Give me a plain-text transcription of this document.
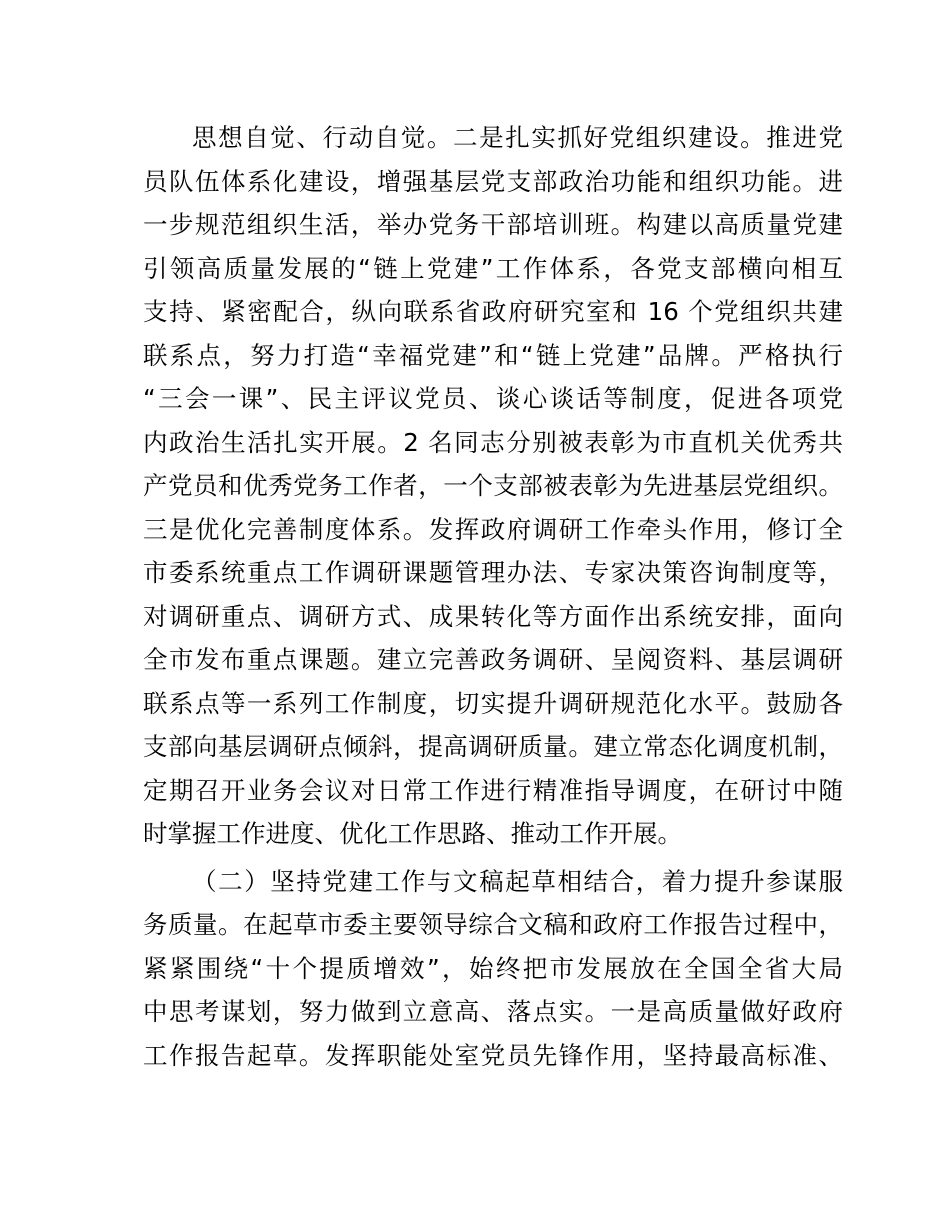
思想自觉、行动自觉。二是扎实抓好党组织建设。推进党
员队伍体系化建设，增强基层党支部政治功能和组织功能。进
一步规范组织生活，举办党务干部培训班。构建以高质量党建
引领高质量发展的“链上党建”工作体系，各党支部横向相互
支持、紧密配合，纵向联系省政府研究室和 16 个党组织共建
联系点，努力打造“幸福党建”和“链上党建”品牌。严格执行
“三会一课”、民主评议党员、谈心谈话等制度，促进各项党
内政治生活扎实开展。2 名同志分别被表彰为市直机关优秀共
产党员和优秀党务工作者，一个支部被表彰为先进基层党组织。
三是优化完善制度体系。发挥政府调研工作牵头作用，修订全
市委系统重点工作调研课题管理办法、专家决策咨询制度等，
对调研重点、调研方式、成果转化等方面作出系统安排，面向
全市发布重点课题。建立完善政务调研、呈阅资料、基层调研
联系点等一系列工作制度，切实提升调研规范化水平。鼓励各
支部向基层调研点倾斜，提高调研质量。建立常态化调度机制，
定期召开业务会议对日常工作进行精准指导调度，在研讨中随
时掌握工作进度、优化工作思路、推动工作开展。
（二）坚持党建工作与文稿起草相结合，着力提升参谋服
务质量。在起草市委主要领导综合文稿和政府工作报告过程中，
紧紧围绕“十个提质增效”，始终把市发展放在全国全省大局
中思考谋划，努力做到立意高、落点实。一是高质量做好政府
工作报告起草。发挥职能处室党员先锋作用，坚持最高标准、
